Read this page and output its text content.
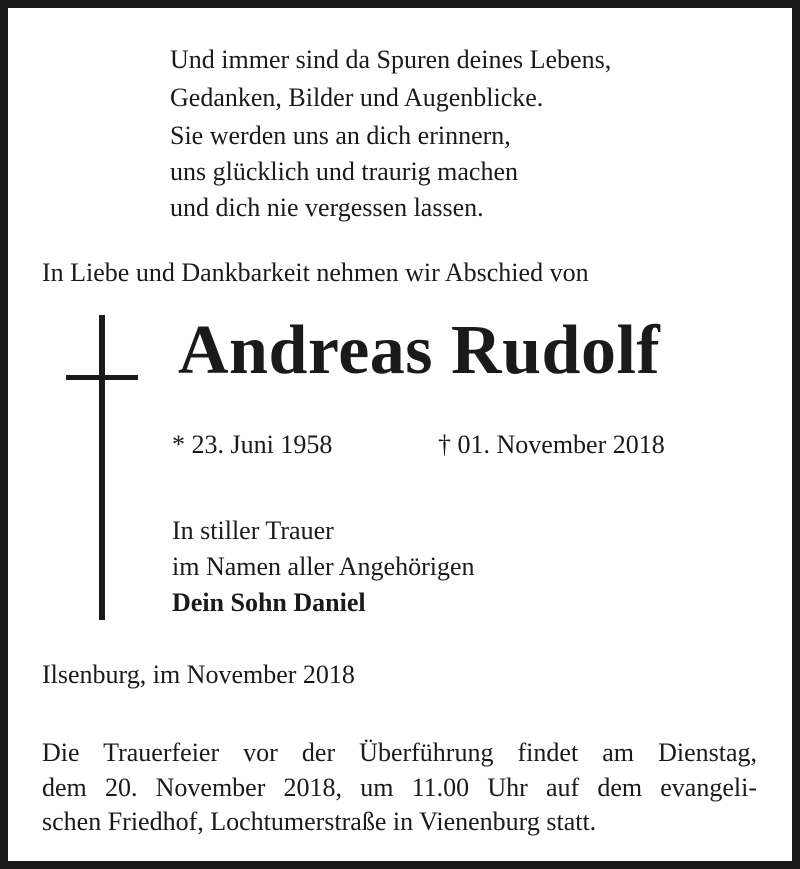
Und immer sind da Spuren deines Lebens,
Gedanken, Bilder und Augenblicke.
Sie werden uns an dich erinnern,
uns glücklich und traurig machen
und dich nie vergessen lassen.
In Liebe und Dankbarkeit nehmen wir Abschied von
Andreas Rudolf
* 23. Juni 1958	† 01. November 2018
In stiller Trauer
im Namen aller Angehörigen
Dein Sohn Daniel
Ilsenburg, im November 2018
Die Trauerfeier vor der Überführung findet am Dienstag,
dem 20. November 2018, um 11.00 Uhr auf dem evangeli-
schen Friedhof, Lochtumerstraße in Vienenburg statt.
